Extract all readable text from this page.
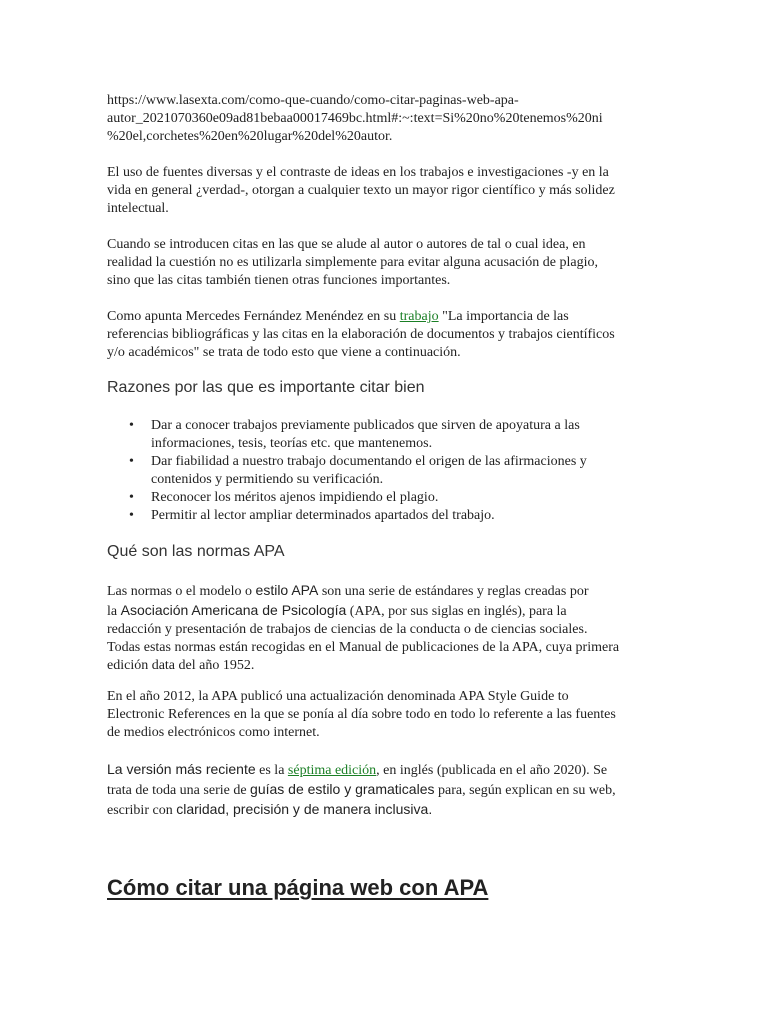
https://www.lasexta.com/como-que-cuando/como-citar-paginas-web-apa-
autor_2021070360e09ad81bebaa00017469bc.html#:~:text=Si%20no%20tenemos%20ni
%20el,corchetes%20en%20lugar%20del%20autor.

El uso de fuentes diversas y el contraste de ideas en los trabajos e investigaciones -y en la
vida en general ¿verdad-, otorgan a cualquier texto un mayor rigor científico y más solidez
intelectual.

Cuando se introducen citas en las que se alude al autor o autores de tal o cual idea, en
realidad la cuestión no es utilizarla simplemente para evitar alguna acusación de plagio,
sino que las citas también tienen otras funciones importantes.

Como apunta Mercedes Fernández Menéndez en su trabajo "La importancia de las
referencias bibliográficas y las citas en la elaboración de documentos y trabajos científicos
y/o académicos" se trata de todo esto que viene a continuación.

Razones por las que es importante citar bien
• Dar a conocer trabajos previamente publicados que sirven de apoyatura a las
informaciones, tesis, teorías etc. que mantenemos.
• Dar fiabilidad a nuestro trabajo documentando el origen de las afirmaciones y
contenidos y permitiendo su verificación.
• Reconocer los méritos ajenos impidiendo el plagio.
• Permitir al lector ampliar determinados apartados del trabajo.
Qué son las normas APA

Las normas o el modelo o estilo APA son una serie de estándares y reglas creadas por
la Asociación Americana de Psicología (APA, por sus siglas en inglés), para la
redacción y presentación de trabajos de ciencias de la conducta o de ciencias sociales.
Todas estas normas están recogidas en el Manual de publicaciones de la APA, cuya primera
edición data del año 1952.

En el año 2012, la APA publicó una actualización denominada APA Style Guide to
Electronic References en la que se ponía al día sobre todo en todo lo referente a las fuentes
de medios electrónicos como internet.

La versión más reciente es la séptima edición, en inglés (publicada en el año 2020). Se
trata de toda una serie de guías de estilo y gramaticales para, según explican en su web,
escribir con claridad, precisión y de manera inclusiva.

Cómo citar una página web con APA
